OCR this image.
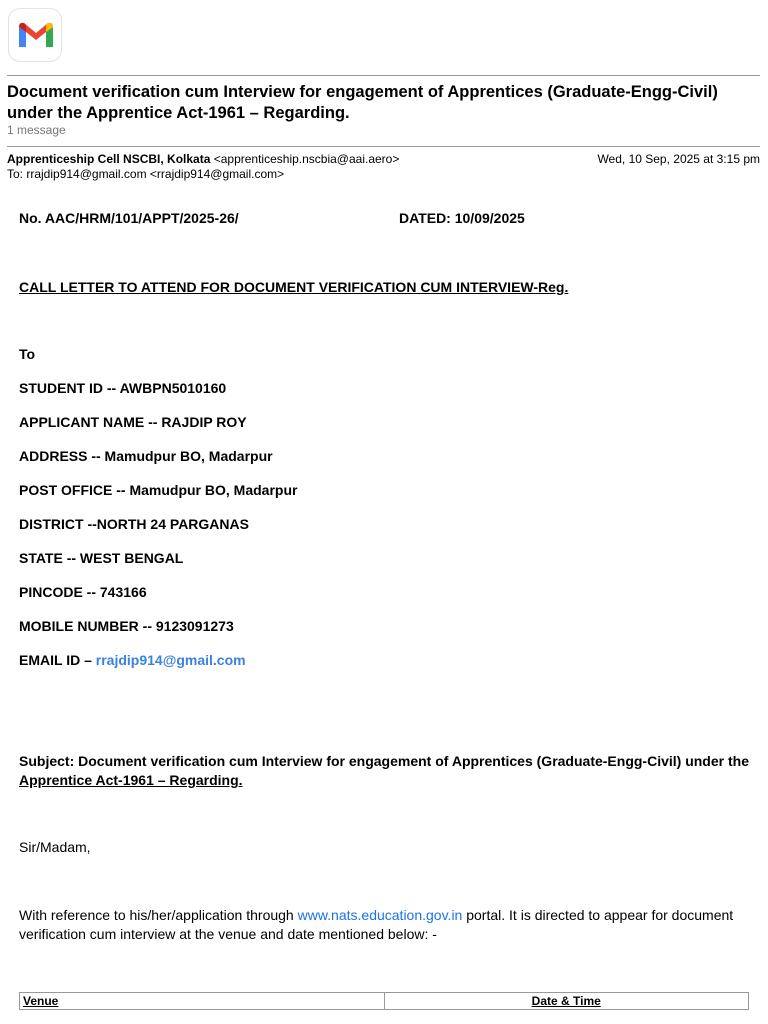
Document verification cum Interview for engagement of Apprentices (Graduate-Engg-Civil) under the Apprentice Act-1961 – Regarding.
1 message
Apprenticeship Cell NSCBI, Kolkata <apprenticeship.nscbia@aai.aero>	Wed, 10 Sep, 2025 at 3:15 pm
To: rrajdip914@gmail.com <rrajdip914@gmail.com>
No. AAC/HRM/101/APPT/2025-26/	DATED: 10/09/2025
CALL LETTER TO ATTEND FOR DOCUMENT VERIFICATION CUM INTERVIEW-Reg.
To
STUDENT ID -- AWBPN5010160
APPLICANT NAME -- RAJDIP ROY
ADDRESS -- Mamudpur BO, Madarpur
POST OFFICE -- Mamudpur BO, Madarpur
DISTRICT --NORTH 24 PARGANAS
STATE -- WEST BENGAL
PINCODE -- 743166
MOBILE NUMBER -- 9123091273
EMAIL ID – rrajdip914@gmail.com
Subject: Document verification cum Interview for engagement of Apprentices (Graduate-Engg-Civil) under the Apprentice Act-1961 – Regarding.
Sir/Madam,
With reference to his/her/application through www.nats.education.gov.in portal. It is directed to appear for document verification cum interview at the venue and date mentioned below: -
Venue	Date & Time
